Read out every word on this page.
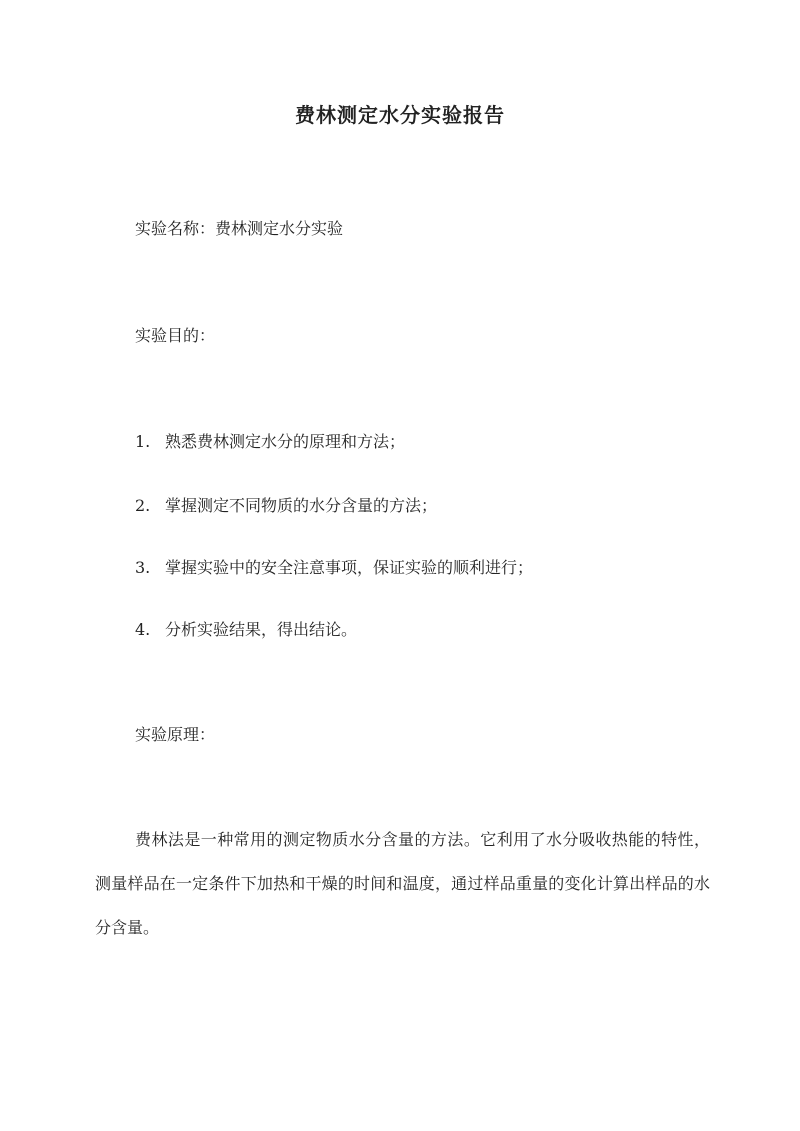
费林测定水分实验报告
实验名称：费林测定水分实验
实验目的：
1. 熟悉费林测定水分的原理和方法；
2. 掌握测定不同物质的水分含量的方法；
3. 掌握实验中的安全注意事项，保证实验的顺利进行；
4. 分析实验结果，得出结论。
实验原理：
费林法是一种常用的测定物质水分含量的方法。它利用了水分吸收热能的特性，测量样品在一定条件下加热和干燥的时间和温度，通过样品重量的变化计算出样品的水分含量。
